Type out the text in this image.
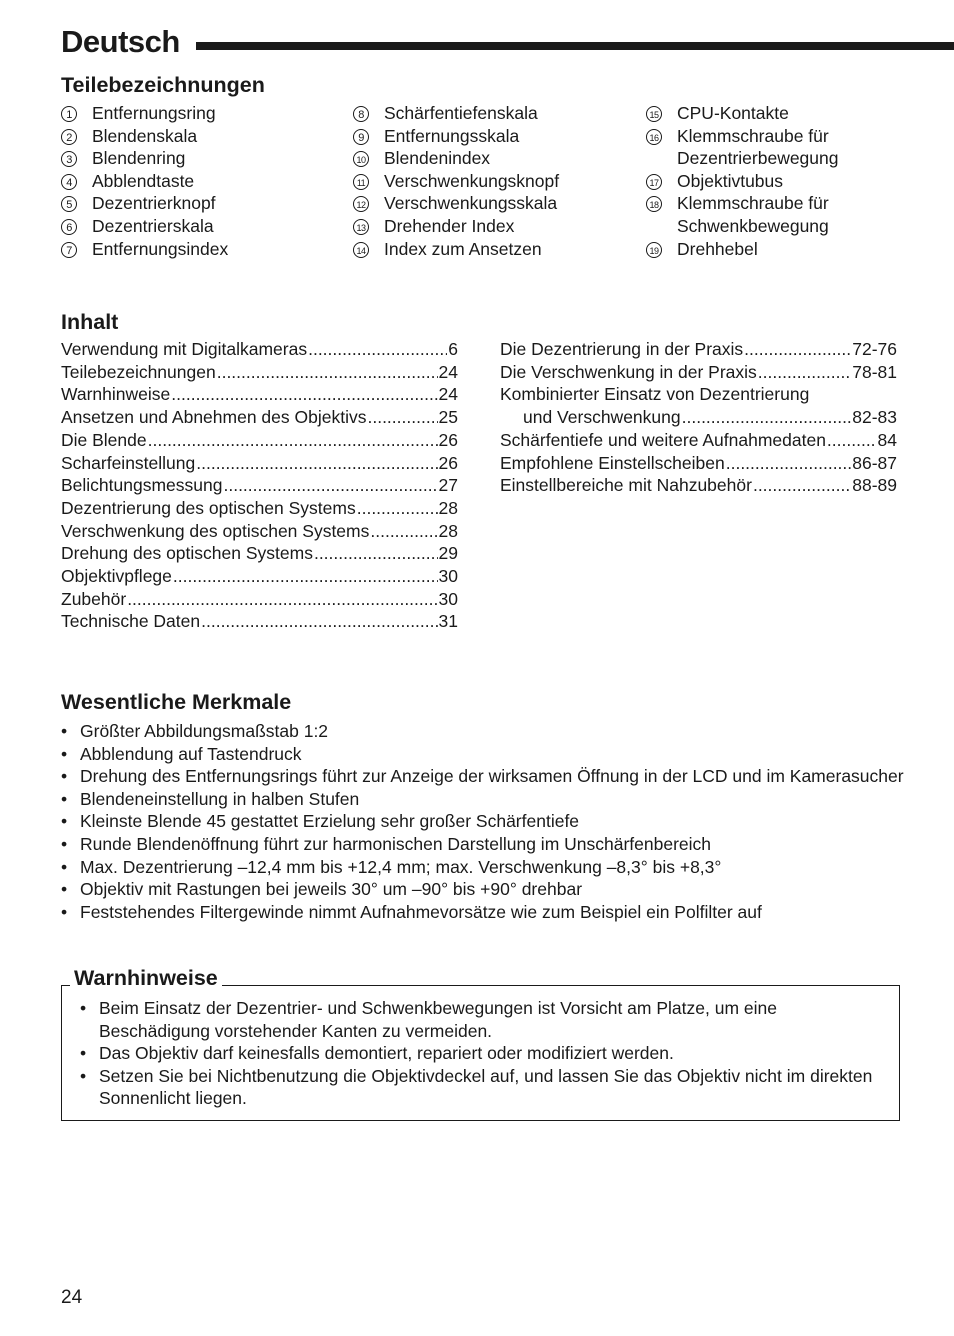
Deutsch
Teilebezeichnungen
1 Entfernungsring
2 Blendenskala
3 Blendenring
4 Abblendtaste
5 Dezentrierknopf
6 Dezentrierskala
7 Entfernungsindex
8 Schärfentiefenskala
9 Entfernungsskala
10 Blendenindex
11 Verschwenkungsknopf
12 Verschwenkungsskala
13 Drehender Index
14 Index zum Ansetzen
15 CPU-Kontakte
16 Klemmschraube für
Dezentrierbewegung
17 Objektivtubus
18 Klemmschraube für
Schwenkbewegung
19 Drehhebel
Inhalt
Verwendung mit Digitalkameras .....	6
Teilebezeichnungen .....	24
Warnhinweise .....	24
Ansetzen und Abnehmen des Objektivs .....	25
Die Blende .....	26
Scharfeinstellung .....	26
Belichtungsmessung .....	27
Dezentrierung des optischen Systems .....	28
Verschwenkung des optischen Systems .....	28
Drehung des optischen Systems .....	29
Objektivpflege .....	30
Zubehör .....	30
Technische Daten .....	31
Die Dezentrierung in der Praxis .....	72-76
Die Verschwenkung in der Praxis .....	78-81
Kombinierter Einsatz von Dezentrierung
und Verschwenkung .....	82-83
Schärfentiefe und weitere Aufnahmedaten .....	84
Empfohlene Einstellscheiben .....	86-87
Einstellbereiche mit Nahzubehör .....	88-89
Wesentliche Merkmale
• Größter Abbildungsmaßstab 1:2
• Abblendung auf Tastendruck
• Drehung des Entfernungsrings führt zur Anzeige der wirksamen Öffnung in der LCD und im Kamerasucher
• Blendeneinstellung in halben Stufen
• Kleinste Blende 45 gestattet Erzielung sehr großer Schärfentiefe
• Runde Blendenöffnung führt zur harmonischen Darstellung im Unschärfenbereich
• Max. Dezentrierung –12,4 mm bis +12,4 mm; max. Verschwenkung –8,3° bis +8,3°
• Objektiv mit Rastungen bei jeweils 30° um –90° bis +90° drehbar
• Feststehendes Filtergewinde nimmt Aufnahmevorsätze wie zum Beispiel ein Polfilter auf
Warnhinweise
• Beim Einsatz der Dezentrier- und Schwenkbewegungen ist Vorsicht am Platze, um eine Beschädigung vorstehender Kanten zu vermeiden.
• Das Objektiv darf keinesfalls demontiert, repariert oder modifiziert werden.
• Setzen Sie bei Nichtbenutzung die Objektivdeckel auf, und lassen Sie das Objektiv nicht im direkten Sonnenlicht liegen.
24
